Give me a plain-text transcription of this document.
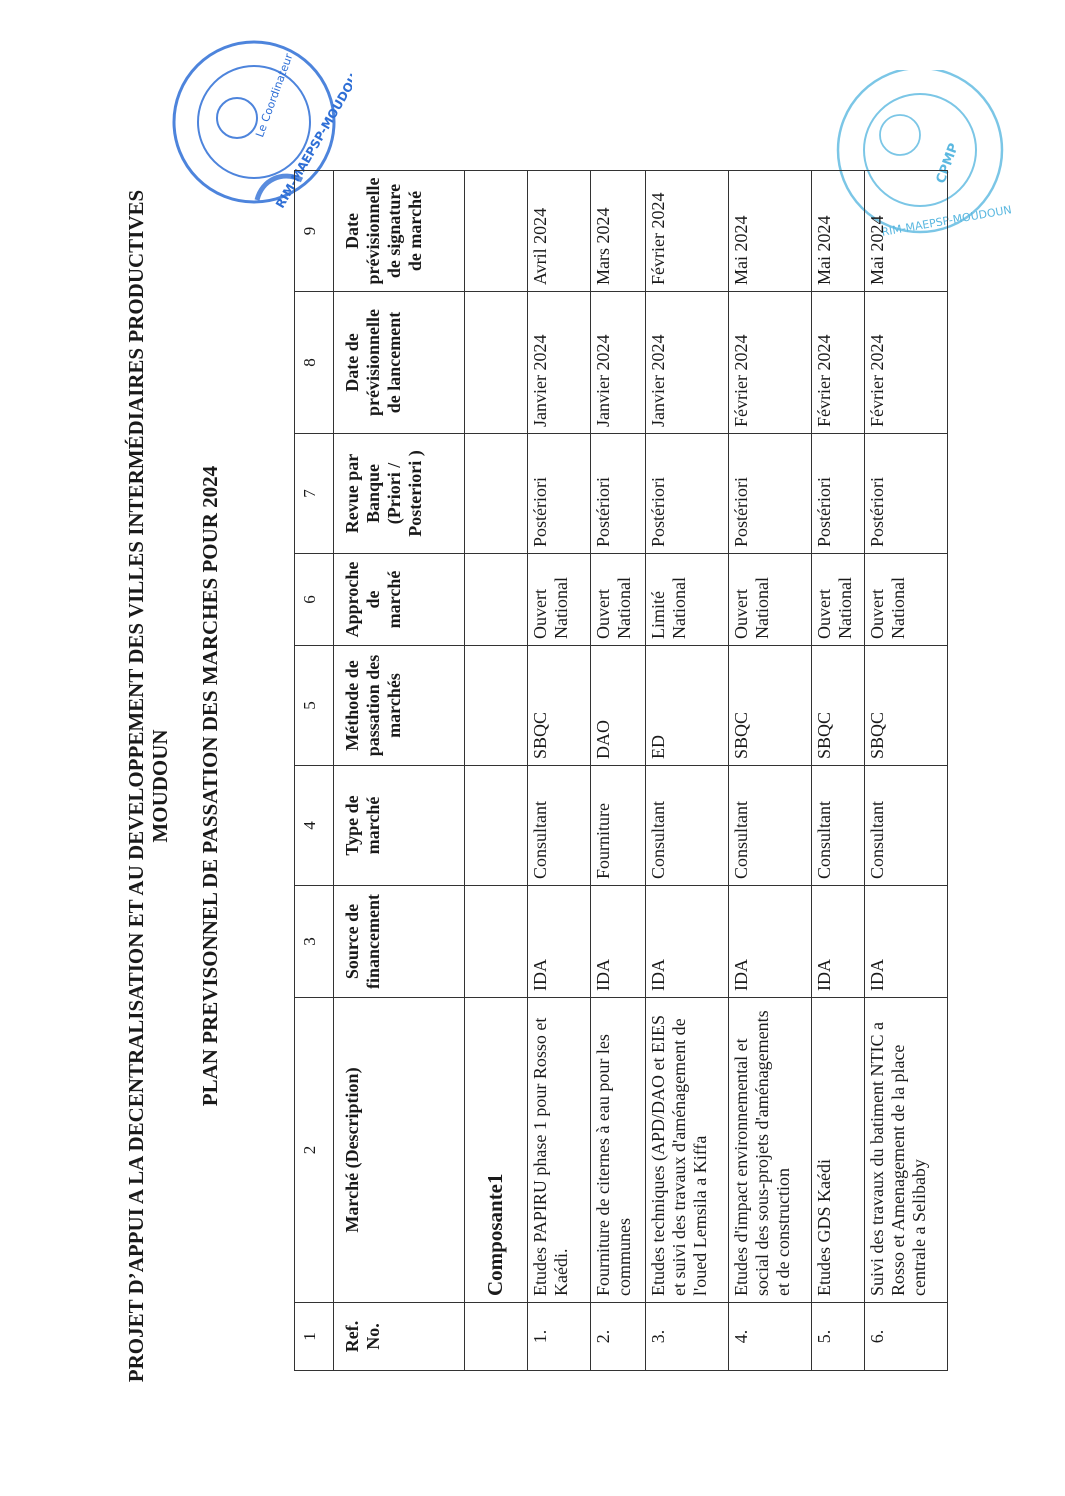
Le Coordinateur
RIM-MAEPSP-MOUDOUN	CPMP
RIM-MAEPSP-MOUDOUN
PROJET D’APPUI A LA DECENTRALISATION ET AU DEVELOPPEMENT DES VILLES INTERMÉDIAIRES PRODUCTIVES MOUDOUN PLAN PREVISONNEL DE PASSATION DES MARCHES POUR 2024
1	2	3	4	5	6	7	8	9
Ref. No.	Marché (Description)	Source de financement	Type de marché	Méthode de passation des marchés	Approche de marché	Revue par Banque (Priori / Posteriori )	Date de prévisionnelle de lancement	Date prévisionnelle de signature de marché

	Composante1							

1.	Etudes PAPIRU phase 1 pour Rosso et Kaédi.	IDA	Consultant	SBQC	Ouvert National	Postériori	Janvier 2024	Avril 2024
2.	Fourniture de citernes à eau pour les communes	IDA	Fourniture	DAO	Ouvert National	Postériori	Janvier 2024	Mars 2024
3.	Etudes techniques (APD/DAO et EIES et suivi des travaux d'aménagement de l'oued Lemsila a Kiffa	IDA	Consultant	ED	Limité National	Postériori	Janvier 2024	Février 2024
4.	Etudes d'impact environnemental et social des sous-projets d'aménagements et de construction	IDA	Consultant	SBQC	Ouvert National	Postériori	Février 2024	Mai 2024
5.	Etudes GDS Kaédi	IDA	Consultant	SBQC	Ouvert National	Postériori	Février 2024	Mai 2024
6.	Suivi des travaux du batiment NTIC a Rosso et Amenagement de la place centrale a Selibaby	IDA	Consultant	SBQC	Ouvert National	Postériori	Février 2024	Mai 2024
